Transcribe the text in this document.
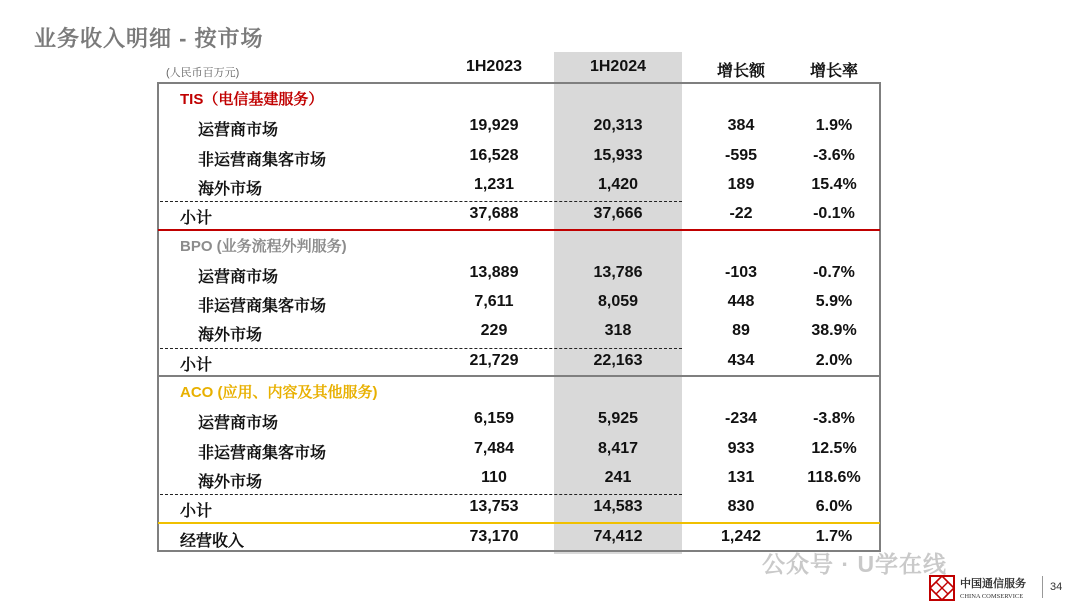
业务收入明细 - 按市场
(人民币百万元)	1H2023	1H2024	增长额	增长率
TIS（电信基建服务）
运营商市场	19,929	20,313	384	1.9%
非运营商集客市场	16,528	15,933	-595	-3.6%
海外市场	1,231	1,420	189	15.4%
小计	37,688	37,666	-22	-0.1%
BPO (业务流程外判服务)
运营商市场	13,889	13,786	-103	-0.7%
非运营商集客市场	7,611	8,059	448	5.9%
海外市场	229	318	89	38.9%
小计	21,729	22,163	434	2.0%
ACO (应用、内容及其他服务)
运营商市场	6,159	5,925	-234	-3.8%
非运营商集客市场	7,484	8,417	933	12.5%
海外市场	110	241	131	118.6%
小计	13,753	14,583	830	6.0%
经营收入	73,170	74,412	1,242	1.7%
公众号 · U学在线
中国通信服务
CHINA COMSERVICE
34
